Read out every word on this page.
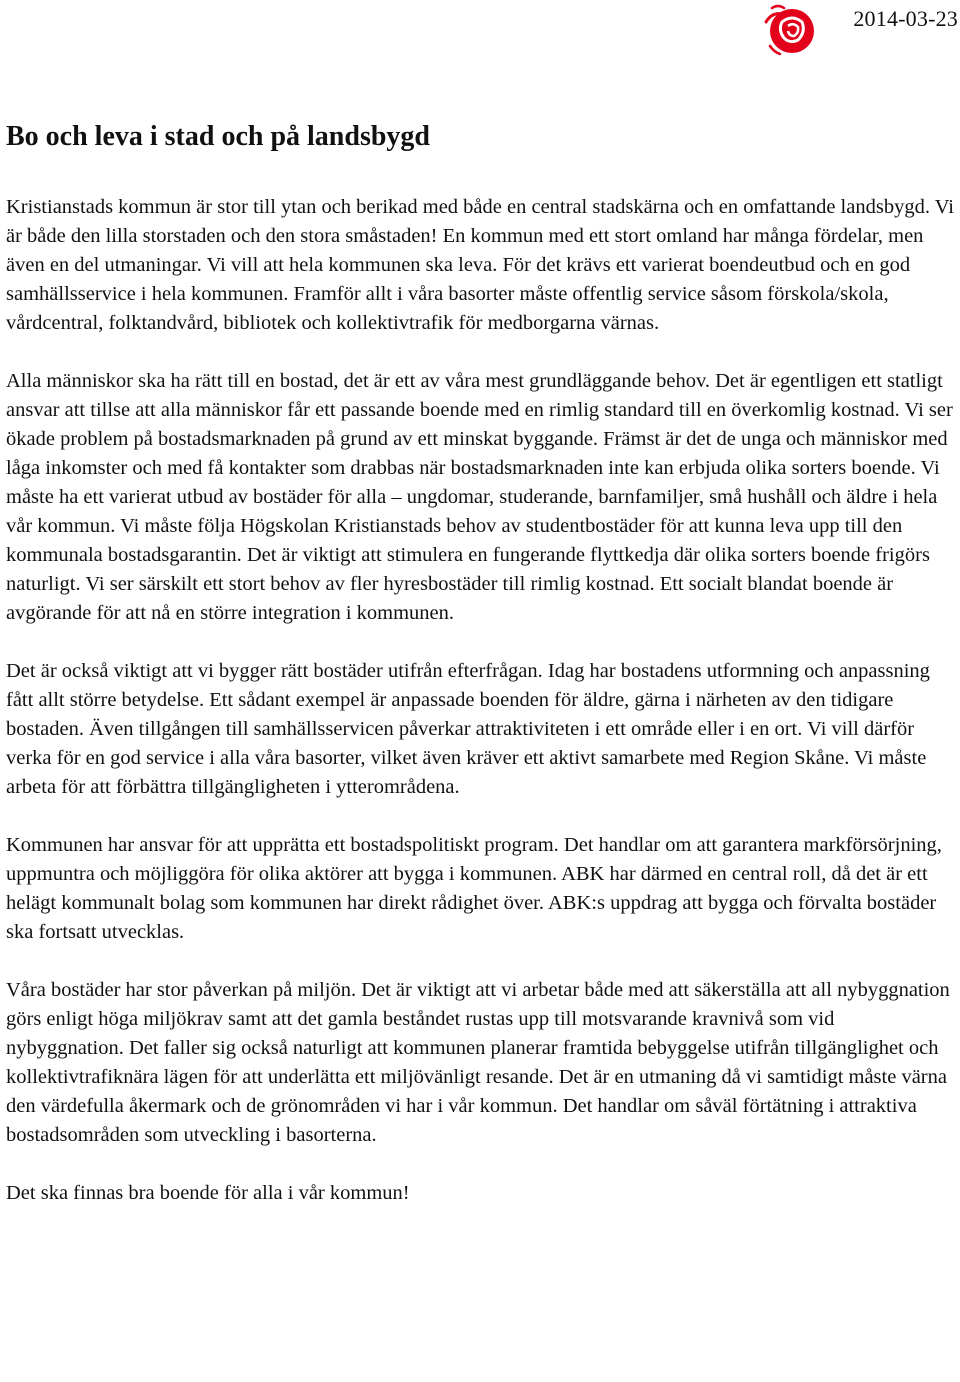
2014-03-23
Bo och leva i stad och på landsbygd

Kristianstads kommun är stor till ytan och berikad med både en central stadskärna och en omfattande landsbygd. Vi är både den lilla storstaden och den stora småstaden! En kommun med ett stort omland har många fördelar, men även en del utmaningar. Vi vill att hela kommunen ska leva. För det krävs ett varierat boendeutbud och en god samhällsservice i hela kommunen. Framför allt i våra basorter måste offentlig service såsom förskola/skola, vårdcentral, folktandvård, bibliotek och kollektivtrafik för medborgarna värnas.

Alla människor ska ha rätt till en bostad, det är ett av våra mest grundläggande behov. Det är egentligen ett statligt ansvar att tillse att alla människor får ett passande boende med en rimlig standard till en överkomlig kostnad. Vi ser ökade problem på bostadsmarknaden på grund av ett minskat byggande. Främst är det de unga och människor med låga inkomster och med få kontakter som drabbas när bostadsmarknaden inte kan erbjuda olika sorters boende. Vi måste ha ett varierat utbud av bostäder för alla – ungdomar, studerande, barnfamiljer, små hushåll och äldre i hela vår kommun. Vi måste följa Högskolan Kristianstads behov av studentbostäder för att kunna leva upp till den kommunala bostadsgarantin. Det är viktigt att stimulera en fungerande flyttkedja där olika sorters boende frigörs naturligt. Vi ser särskilt ett stort behov av fler hyresbostäder till rimlig kostnad. Ett socialt blandat boende är avgörande för att nå en större integration i kommunen.

Det är också viktigt att vi bygger rätt bostäder utifrån efterfrågan. Idag har bostadens utformning och anpassning fått allt större betydelse. Ett sådant exempel är anpassade boenden för äldre, gärna i närheten av den tidigare bostaden. Även tillgången till samhällsservicen påverkar attraktiviteten i ett område eller i en ort. Vi vill därför verka för en god service i alla våra basorter, vilket även kräver ett aktivt samarbete med Region Skåne. Vi måste arbeta för att förbättra tillgängligheten i ytterområdena.

Kommunen har ansvar för att upprätta ett bostadspolitiskt program. Det handlar om att garantera markförsörjning, uppmuntra och möjliggöra för olika aktörer att bygga i kommunen. ABK har därmed en central roll, då det är ett helägt kommunalt bolag som kommunen har direkt rådighet över. ABK:s uppdrag att bygga och förvalta bostäder ska fortsatt utvecklas.

Våra bostäder har stor påverkan på miljön. Det är viktigt att vi arbetar både med att säkerställa att all nybyggnation görs enligt höga miljökrav samt att det gamla beståndet rustas upp till motsvarande kravnivå som vid nybyggnation. Det faller sig också naturligt att kommunen planerar framtida bebyggelse utifrån tillgänglighet och kollektivtrafiknära lägen för att underlätta ett miljövänligt resande. Det är en utmaning då vi samtidigt måste värna den värdefulla åkermark och de grönområden vi har i vår kommun. Det handlar om såväl förtätning i attraktiva bostadsområden som utveckling i basorterna.

Det ska finnas bra boende för alla i vår kommun!
